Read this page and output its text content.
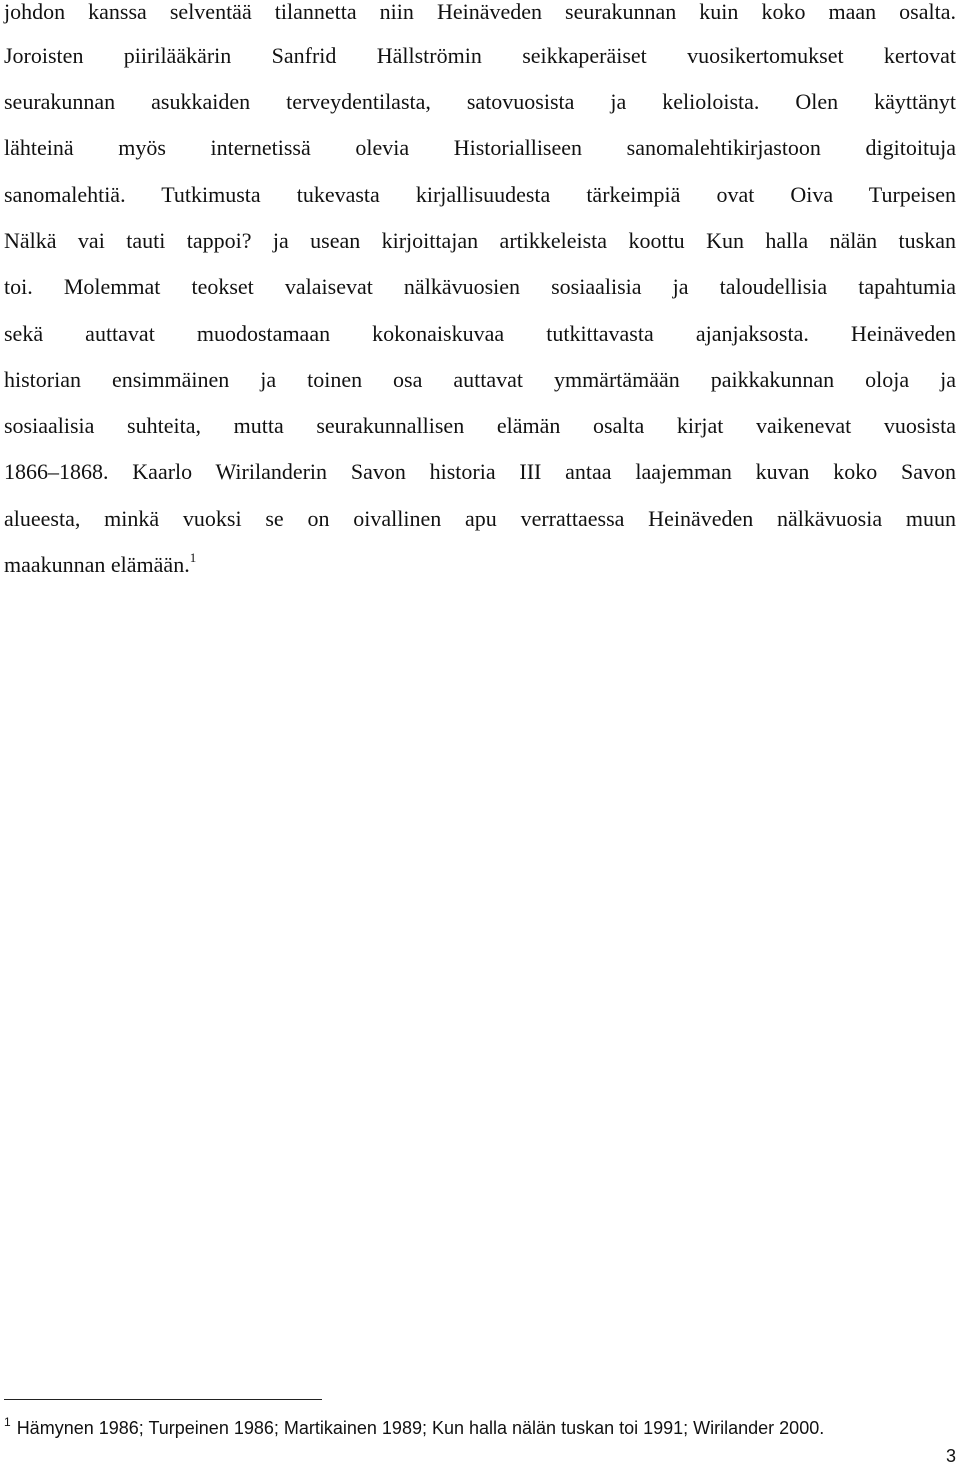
johdon kanssa selventää tilannetta niin Heinäveden seurakunnan kuin koko maan osalta.
Joroisten piirilääkärin Sanfrid Hällströmin seikkaperäiset vuosikertomukset kertovat
seurakunnan asukkaiden terveydentilasta, satovuosista ja kelioloista. Olen käyttänyt
lähteinä myös internetissä olevia Historialliseen sanomalehtikirjastoon digitoituja
sanomalehtiä. Tutkimusta tukevasta kirjallisuudesta tärkeimpiä ovat Oiva Turpeisen
Nälkä vai tauti tappoi? ja usean kirjoittajan artikkeleista koottu Kun halla nälän tuskan
toi. Molemmat teokset valaisevat nälkävuosien sosiaalisia ja taloudellisia tapahtumia
sekä auttavat muodostamaan kokonaiskuvaa tutkittavasta ajanjaksosta. Heinäveden
historian ensimmäinen ja toinen osa auttavat ymmärtämään paikkakunnan oloja ja
sosiaalisia suhteita, mutta seurakunnallisen elämän osalta kirjat vaikenevat vuosista
1866–1868. Kaarlo Wirilanderin Savon historia III antaa laajemman kuvan koko Savon
alueesta, minkä vuoksi se on oivallinen apu verrattaessa Heinäveden nälkävuosia muun
maakunnan elämään.$^1$
$^1$ Hämynen 1986; Turpeinen 1986; Martikainen 1989; Kun halla nälän tuskan toi 1991; Wirilander 2000.
3
